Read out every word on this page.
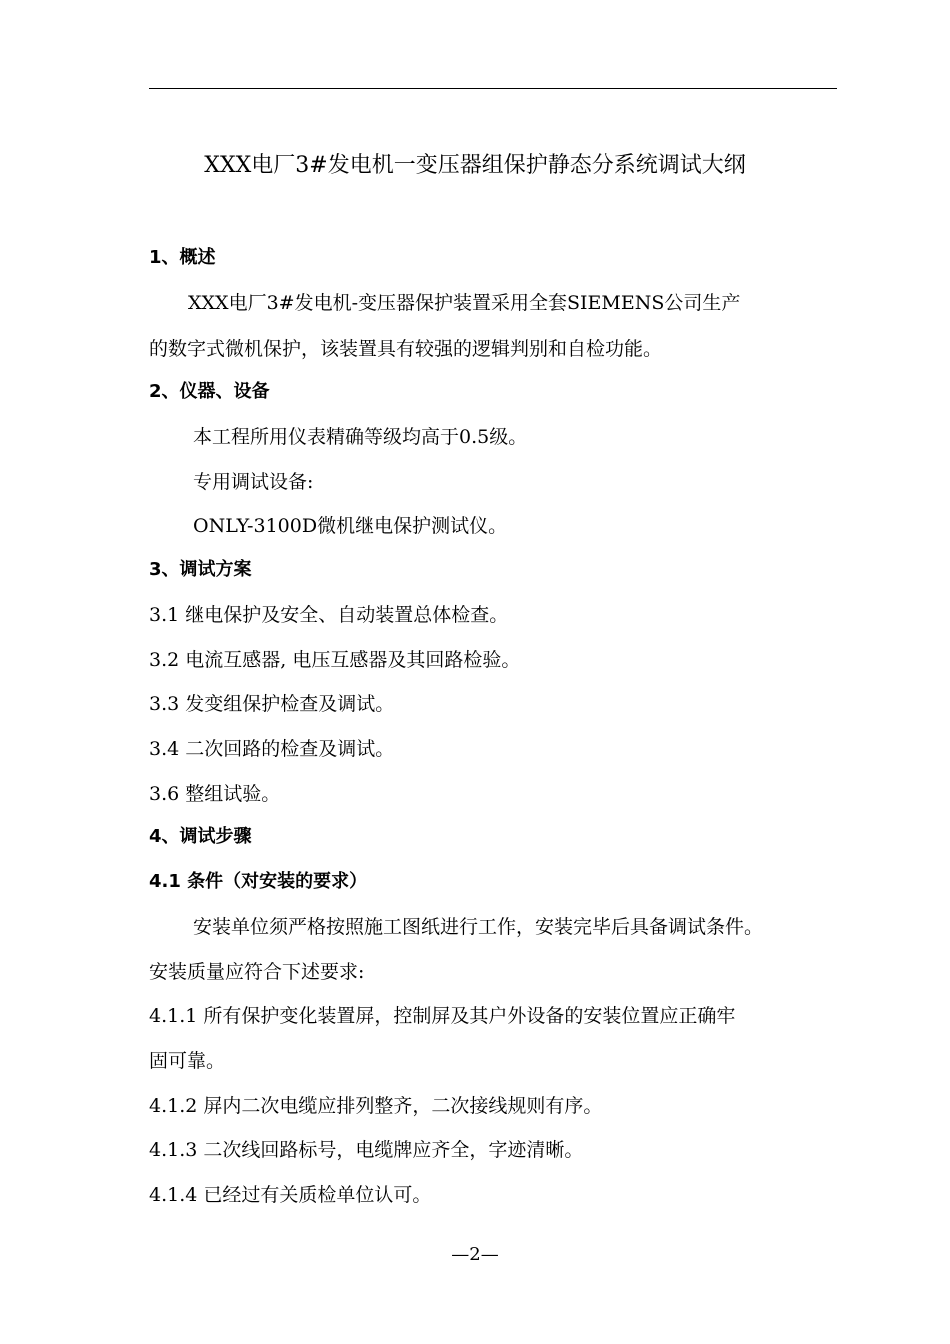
XXX电厂3#发电机一变压器组保护静态分系统调试大纲
1、概述
XXX电厂3#发电机-变压器保护装置采用全套SIEMENS公司生产
的数字式微机保护，该装置具有较强的逻辑判别和自检功能。
2、仪器、设备
本工程所用仪表精确等级均高于0.5级。
专用调试设备:
ONLY-3100D微机继电保护测试仪。
3、调试方案
3.1 继电保护及安全、自动装置总体检查。
3.2 电流互感器, 电压互感器及其回路检验。
3.3 发变组保护检查及调试。
3.4 二次回路的检查及调试。
3.6 整组试验。
4、调试步骤
4.1 条件（对安装的要求）
安装单位须严格按照施工图纸进行工作，安装完毕后具备调试条件。
安装质量应符合下述要求:
4.1.1 所有保护变化装置屏，控制屏及其户外设备的安装位置应正确牢
固可靠。
4.1.2 屏内二次电缆应排列整齐，二次接线规则有序。
4.1.3 二次线回路标号，电缆牌应齐全，字迹清晰。
4.1.4 已经过有关质检单位认可。
—2—
